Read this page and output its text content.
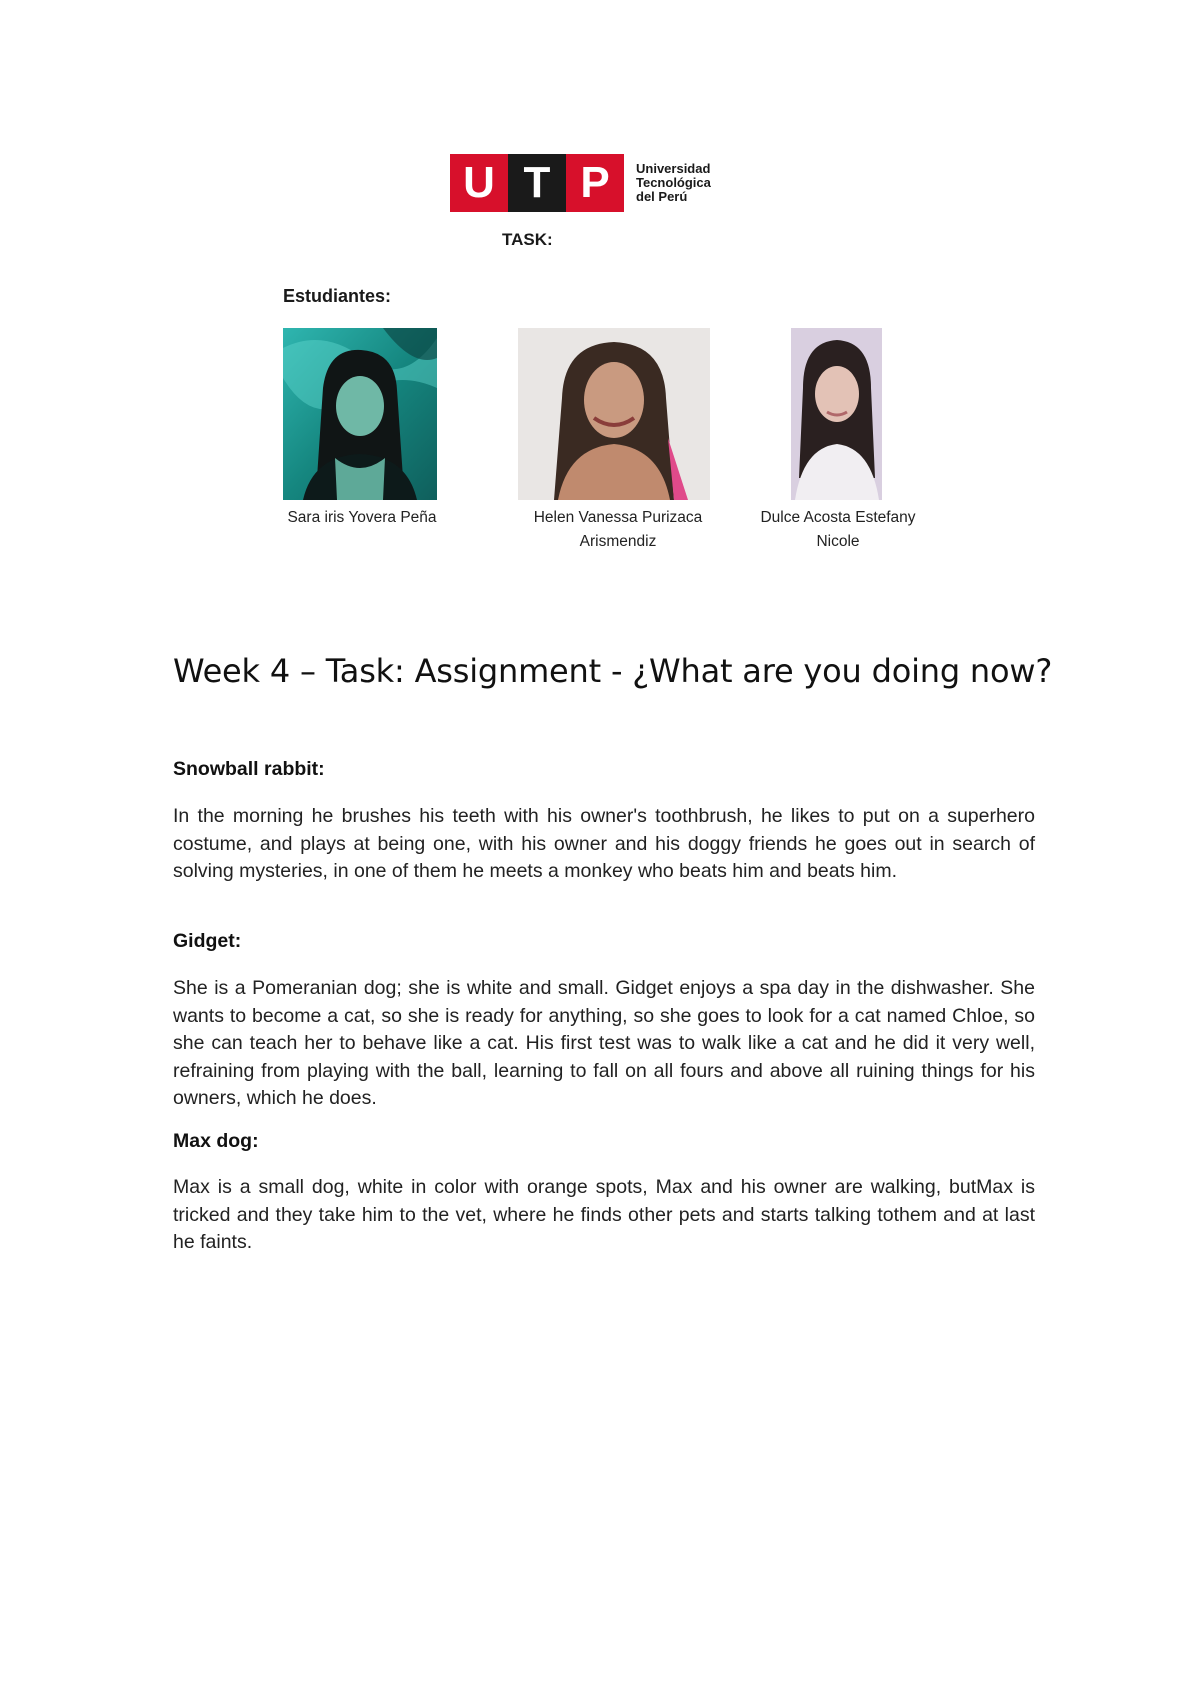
U T P	Universidad
Tecnológica
del Perú
TASK:
Estudiantes:
Sara iris Yovera Peña	Helen Vanessa Purizaca
Arismendiz
Dulce Acosta Estefany
Nicole
Week 4 – Task: Assignment - ¿What are you doing now?
Snowball rabbit:
In the morning he brushes his teeth with his owner's toothbrush, he likes to put on a superhero costume, and plays at being one, with his owner and his doggy friends he goes out in search of solving mysteries, in one of them he meets a monkey who beats him and beats him.
Gidget:
She is a Pomeranian dog; she is white and small. Gidget enjoys a spa day in the dishwasher. She wants to become a cat, so she is ready for anything, so she goes to look for a cat named Chloe, so she can teach her to behave like a cat. His first test was to walk like a cat and he did it very well, refraining from playing with the ball, learning to fall on all fours and above all ruining things for his owners, which he does.
Max dog:
Max is a small dog, white in color with orange spots, Max and his owner are walking, butMax is tricked and they take him to the vet, where he finds other pets and starts talking tothem and at last he faints.
